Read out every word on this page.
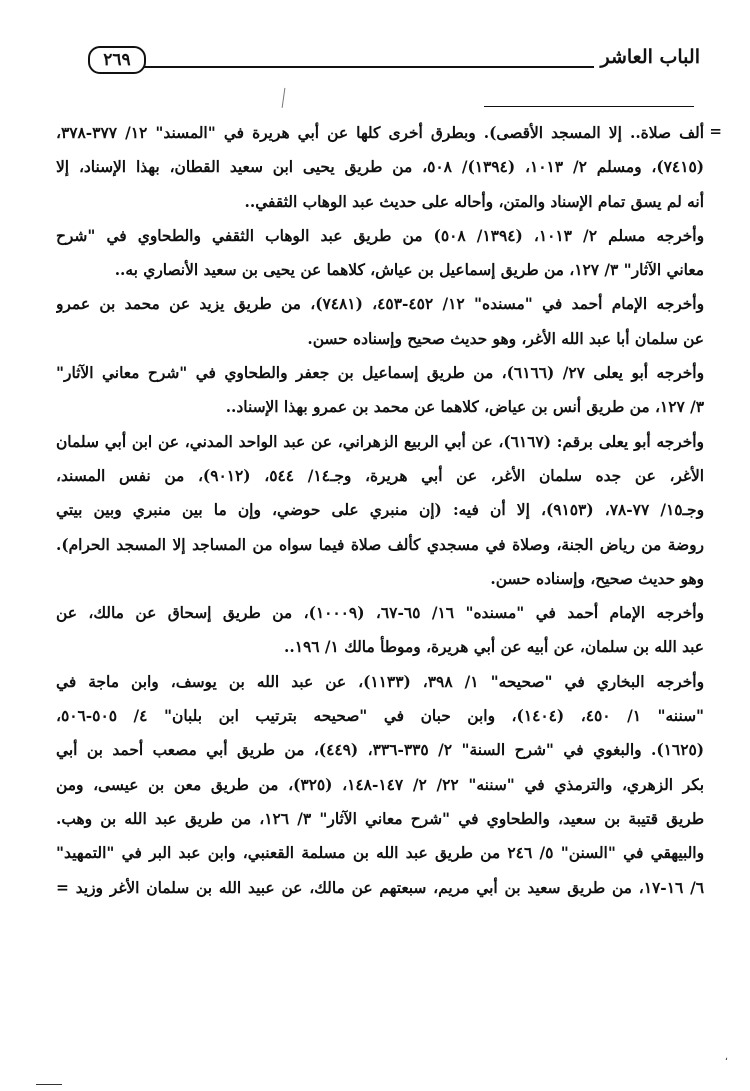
الباب العاشر
٢٦٩
=
ألف صلاة.. إلا المسجد الأقصى). وبطرق أخرى كلها عن أبي هريرة في "المسند" ١٢/ ٣٧٧-٣٧٨،
(٧٤١٥)، ومسلم ٢/ ١٠١٣، (١٣٩٤)/ ٥٠٨، من طريق يحيى ابن سعيد القطان، بهذا الإسناد، إلا
أنه لم يسق تمام الإسناد والمتن، وأحاله على حديث عبد الوهاب الثقفي..
وأخرجه مسلم ٢/ ١٠١٣، (١٣٩٤/ ٥٠٨) من طريق عبد الوهاب الثقفي والطحاوي في "شرح
معاني الآثار" ٣/ ١٢٧، من طريق إسماعيل بن عياش، كلاهما عن يحيى بن سعيد الأنصاري به..
وأخرجه الإمام أحمد في "مسنده" ١٢/ ٤٥٢-٤٥٣، (٧٤٨١)، من طريق يزيد عن محمد بن عمرو
عن سلمان أبا عبد الله الأغر، وهو حديث صحيح وإسناده حسن.
وأخرجه أبو يعلى ٢٧/ (٦١٦٦)، من طريق إسماعيل بن جعفر والطحاوي في "شرح معاني الآثار"
٣/ ١٢٧، من طريق أنس بن عياض، كلاهما عن محمد بن عمرو بهذا الإسناد..
وأخرجه أبو يعلى برقم: (٦١٦٧)، عن أبي الربيع الزهراني، عن عبد الواحد المدني، عن ابن أبي سلمان
الأغر، عن جده سلمان الأغر، عن أبي هريرة، وجـ١٤/ ٥٤٤، (٩٠١٢)، من نفس المسند،
وجـ١٥/ ٧٧-٧٨، (٩١٥٣)، إلا أن فيه: (إن منبري على حوضي، وإن ما بين منبري وبين بيتي
روضة من رياض الجنة، وصلاة في مسجدي كألف صلاة فيما سواه من المساجد إلا المسجد الحرام).
وهو حديث صحيح، وإسناده حسن.
وأخرجه الإمام أحمد في "مسنده" ١٦/ ٦٥-٦٧، (١٠٠٠٩)، من طريق إسحاق عن مالك، عن
عبد الله بن سلمان، عن أبيه عن أبي هريرة، وموطأ مالك ١/ ١٩٦..
وأخرجه البخاري في "صحيحه" ١/ ٣٩٨، (١١٣٣)، عن عبد الله بن يوسف، وابن ماجة في
"سننه" ١/ ٤٥٠، (١٤٠٤)، وابن حبان في "صحيحه بترتيب ابن بلبان" ٤/ ٥٠٥-٥٠٦،
(١٦٢٥). والبغوي في "شرح السنة" ٢/ ٣٣٥-٣٣٦، (٤٤٩)، من طريق أبي مصعب أحمد بن أبي
بكر الزهري، والترمذي في "سننه" ٢٢/ ٢/ ١٤٧-١٤٨، (٣٢٥)، من طريق معن بن عيسى، ومن
طريق قتيبة بن سعيد، والطحاوي في "شرح معاني الآثار" ٣/ ١٢٦، من طريق عبد الله بن وهب.
والبيهقي في "السنن" ٥/ ٢٤٦ من طريق عبد الله بن مسلمة القعنبي، وابن عبد البر في "التمهيد"
٦/ ١٦-١٧، من طريق سعيد بن أبي مريم، سبعتهم عن مالك، عن عبيد الله بن سلمان الأغر وزيد =
،
